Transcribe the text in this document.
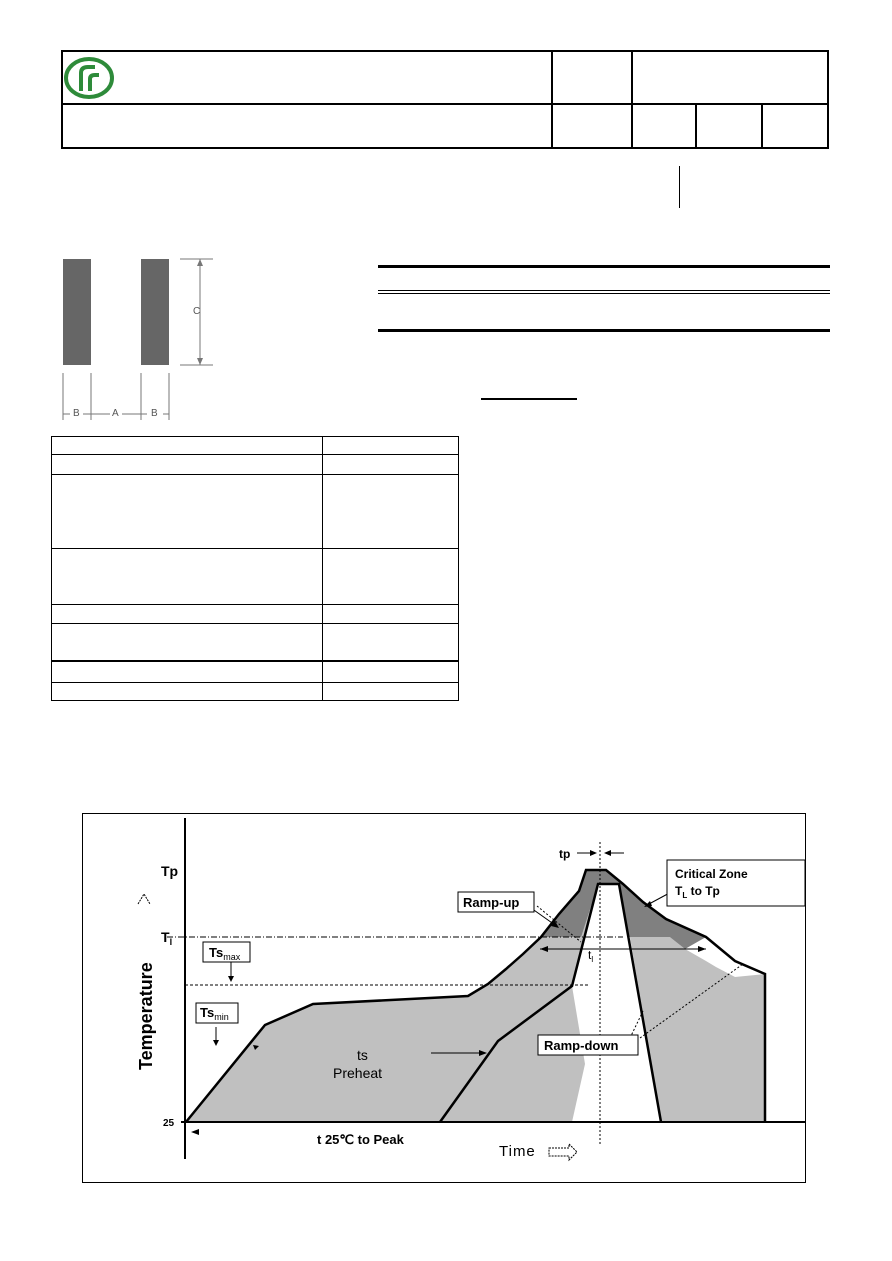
C
B	A	B
Temperature
Time
Tp
$T_l$
25
$Ts_{max}$
$Ts_{min}$
ts
Preheat
Ramp-up
Ramp-down
tp
$t_l$
Critical Zone
$T_L$ to Tp
t 25℃ to Peak
